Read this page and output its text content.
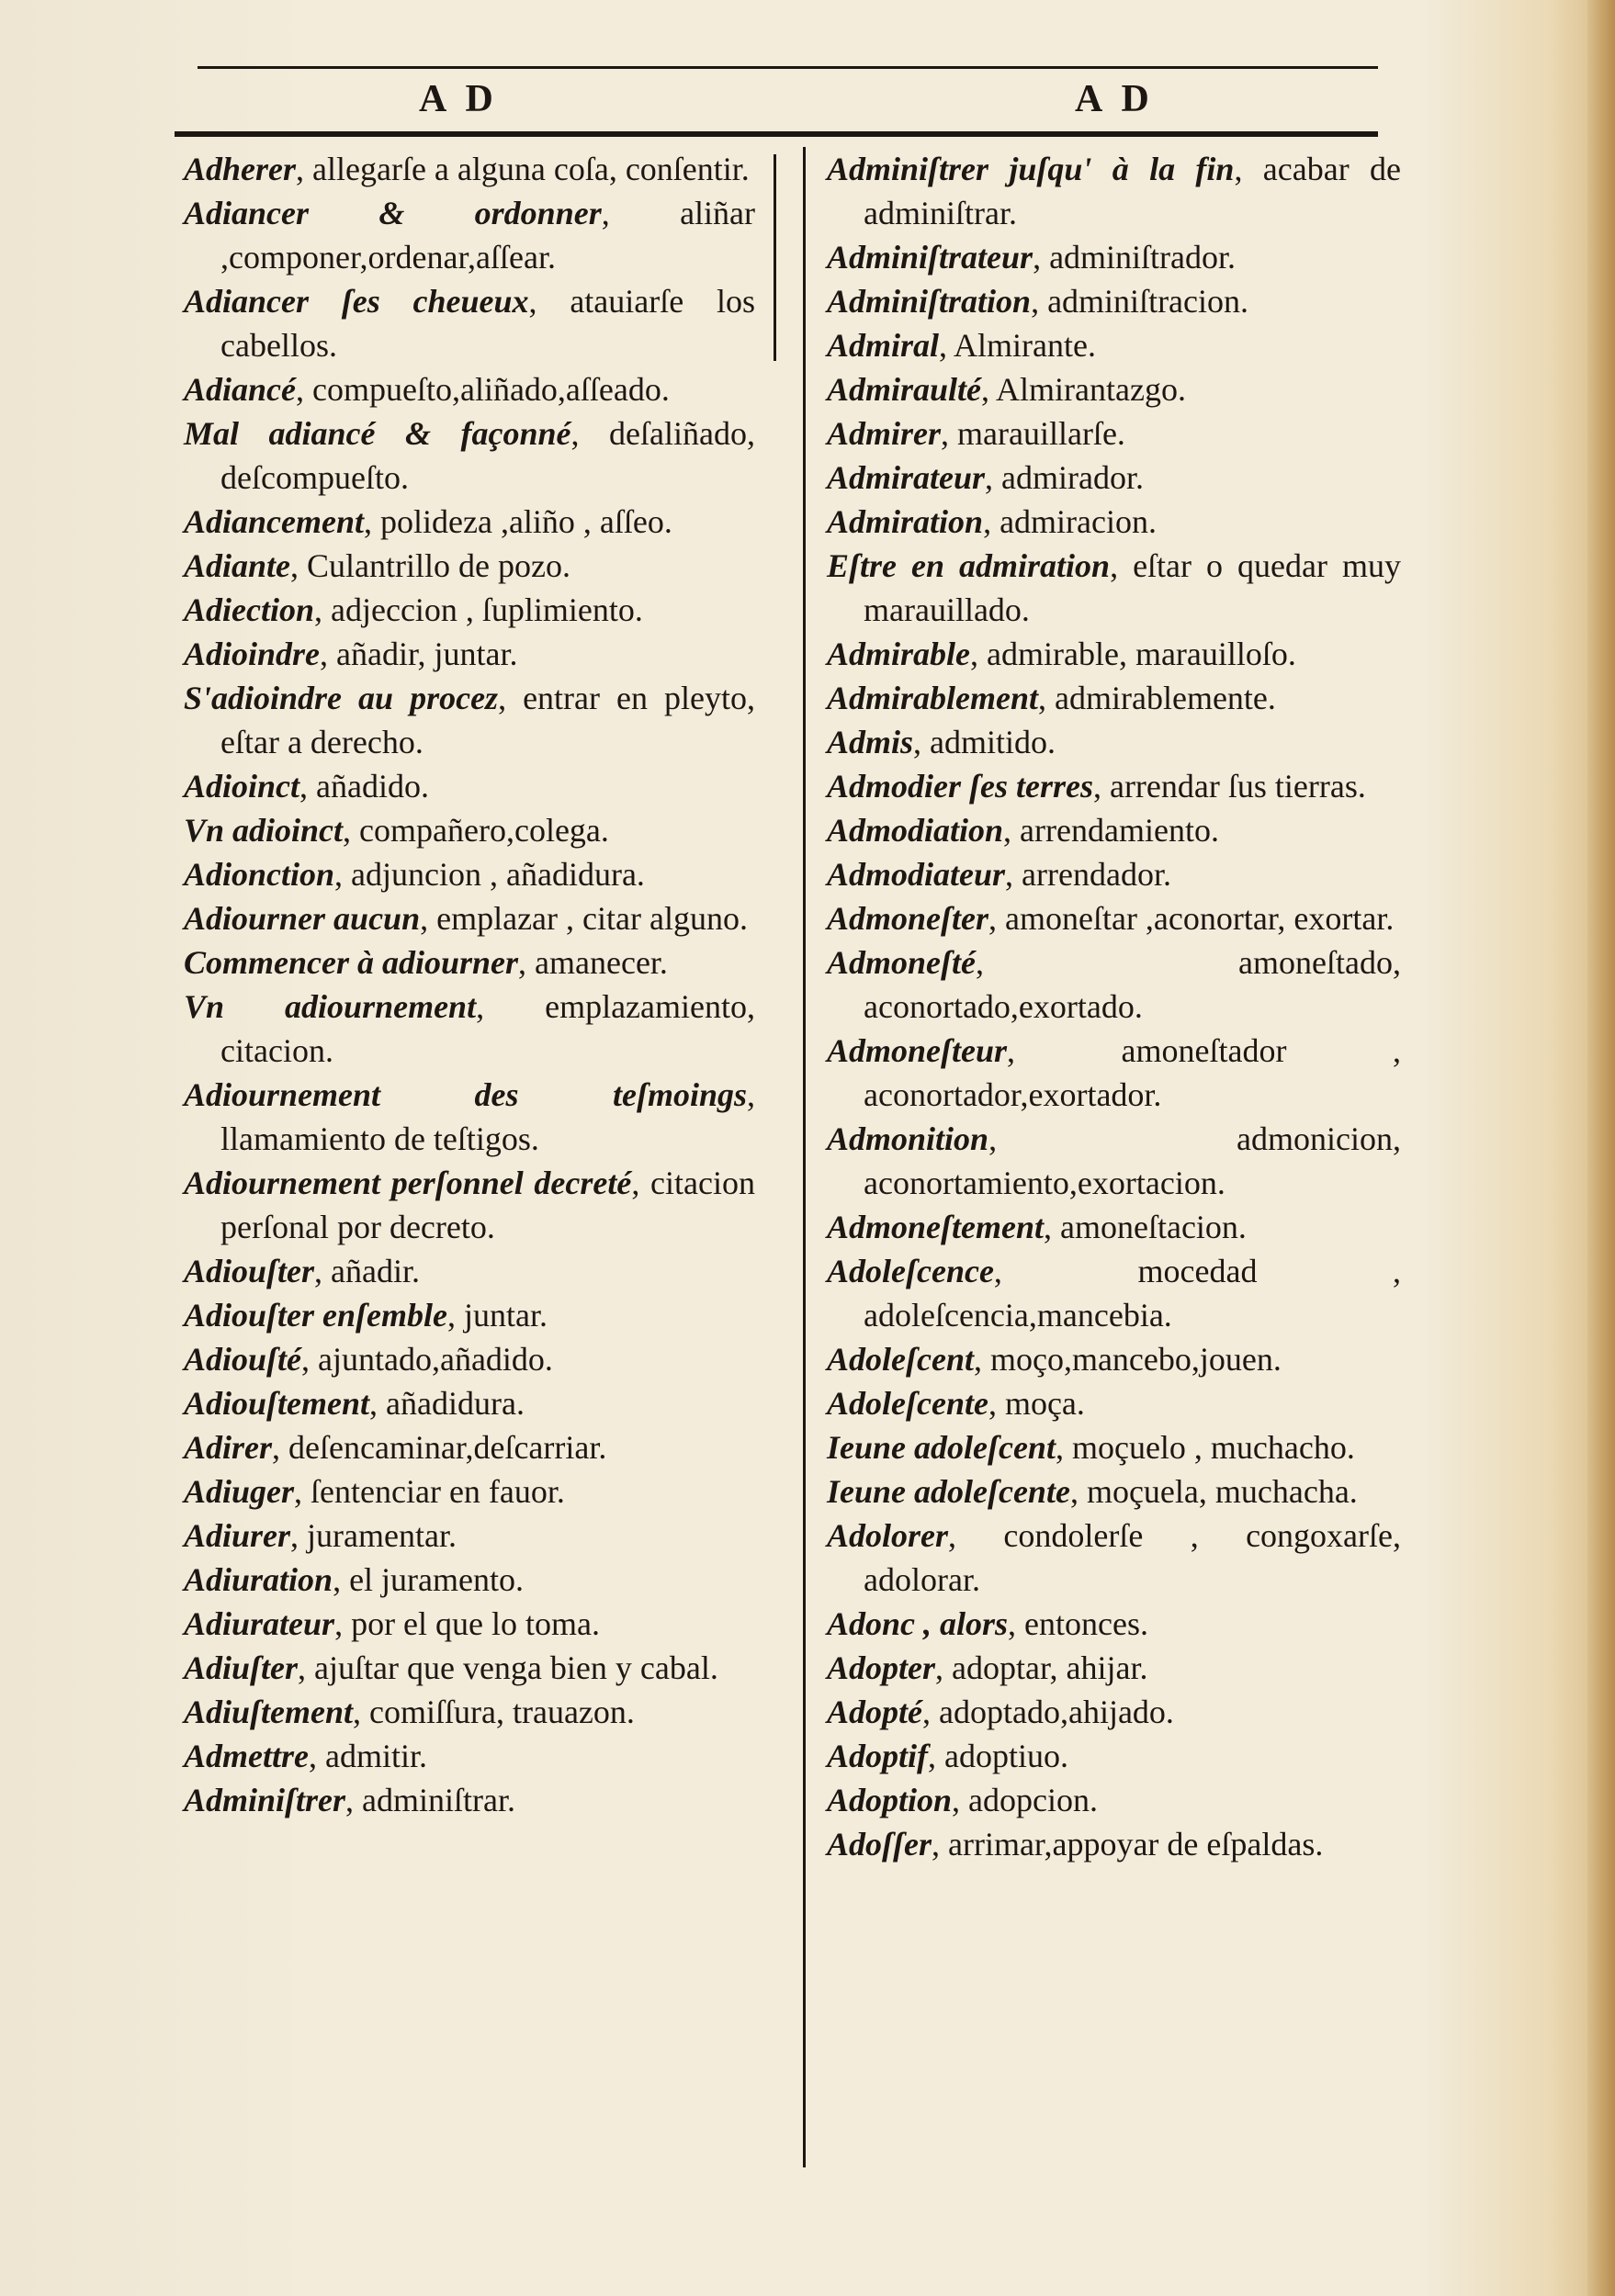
A D	A D
Adherer, allegarſe a alguna coſa, conſentir.
Adiancer & ordonner, aliñar ,componer,ordenar,aſſear.
Adiancer ſes cheueux, atauiarſe los cabellos.
Adiancé, compueſto,aliñado,aſſeado.
Mal adiancé & façonné, deſaliñado, deſcompueſto.
Adiancement, polideza ,aliño , aſſeo.
Adiante, Culantrillo de pozo.
Adiection, adjeccion , ſuplimiento.
Adioindre, añadir, juntar.
S'adioindre au procez, entrar en pleyto, eſtar a derecho.
Adioinct, añadido.
Vn adioinct, compañero,colega.
Adionction, adjuncion , añadidura.
Adiourner aucun, emplazar , citar alguno.
Commencer à adiourner, amanecer.
Vn adiournement, emplazamiento, citacion.
Adiournement des teſmoings, llamamiento de teſtigos.
Adiournement perſonnel decreté, citacion perſonal por decreto.
Adiouſter, añadir.
Adiouſter enſemble, juntar.
Adiouſté, ajuntado,añadido.
Adiouſtement, añadidura.
Adirer, deſencaminar,deſcarriar.
Adiuger, ſentenciar en fauor.
Adiurer, juramentar.
Adiuration, el juramento.
Adiurateur, por el que lo toma.
Adiuſter, ajuſtar que venga bien y cabal.
Adiuſtement, comiſſura, trauazon.
Admettre, admitir.
Adminiſtrer, adminiſtrar.
Adminiſtrer juſqu' à la fin, acabar de adminiſtrar.
Adminiſtrateur, adminiſtrador.
Adminiſtration, adminiſtracion.
Admiral, Almirante.
Admiraulté, Almirantazgo.
Admirer, marauillarſe.
Admirateur, admirador.
Admiration, admiracion.
Eſtre en admiration, eſtar o quedar muy marauillado.
Admirable, admirable, marauilloſo.
Admirablement, admirablemente.
Admis, admitido.
Admodier ſes terres, arrendar ſus tierras.
Admodiation, arrendamiento.
Admodiateur, arrendador.
Admoneſter, amoneſtar ,aconortar, exortar.
Admoneſté, amoneſtado, aconortado,exortado.
Admoneſteur, amoneſtador , aconortador,exortador.
Admonition, admonicion, aconortamiento,exortacion.
Admoneſtement, amoneſtacion.
Adoleſcence, mocedad , adoleſcencia,mancebia.
Adoleſcent, moço,mancebo,jouen.
Adoleſcente, moça.
Ieune adoleſcent, moçuelo , muchacho.
Ieune adoleſcente, moçuela, muchacha.
Adolorer, condolerſe , congoxarſe, adolorar.
Adonc , alors, entonces.
Adopter, adoptar, ahijar.
Adopté, adoptado,ahijado.
Adoptif, adoptiuo.
Adoption, adopcion.
Adoſſer, arrimar,appoyar de eſpaldas.
